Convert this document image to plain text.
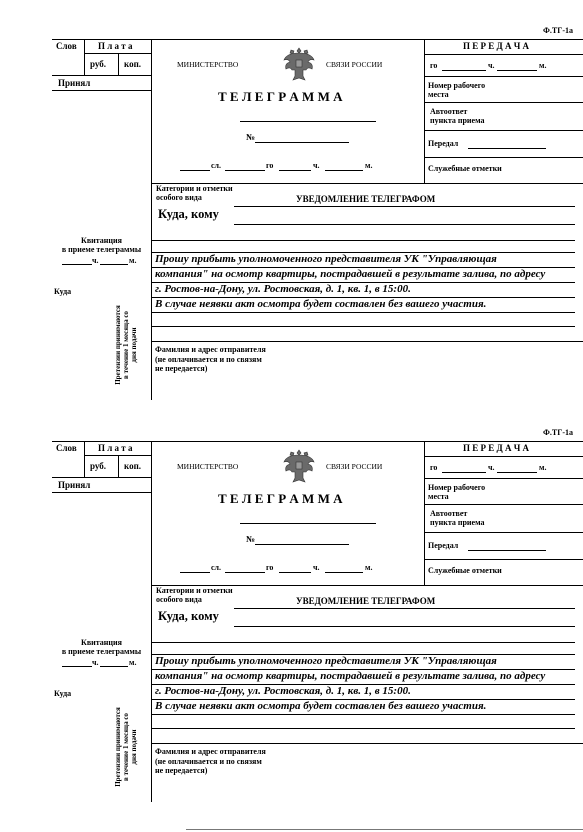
Ф.ТГ-1а
Слов П л а т а
руб. коп.
Принял
Квитанция
в приеме телеграммы
ч.	м.
Куда
Претензии принимаются в течение 1 месяца со дня подачи
МИНИСТЕРСТВО	СВЯЗИ РОССИИ
Т Е Л Е Г Р А М М А
№
сл.	го	ч.	м.
П Е Р Е Д А Ч А
го	ч.	м.
Номер рабочего
места
Автоответ
пункта приема
Передал
Служебные отметки
Категории и отметки
особого вида	УВЕДОМЛЕНИЕ ТЕЛЕГРАФОМ
Куда, кому
Прошу прибыть уполномоченного представителя УК "Управляющая
компания" на осмотр квартиры, пострадавшей в результате залива, по адресу
г. Ростов-на-Дону, ул. Ростовская, д. 1, кв. 1, в 15:00.
В случае неявки акт осмотра будет составлен без вашего участия.
Фамилия и адрес отправителя
(не оплачивается и по связям
не передается)
Ф.ТГ-1а
Слов П л а т а
руб. коп.
Принял
Квитанция
в приеме телеграммы
ч.	м.
Куда
Претензии принимаются в течение 1 месяца со дня подачи
МИНИСТЕРСТВО	СВЯЗИ РОССИИ
Т Е Л Е Г Р А М М А
№
сл.	го	ч.	м.
П Е Р Е Д А Ч А
го	ч.	м.
Номер рабочего
места
Автоответ
пункта приема
Передал
Служебные отметки
Категории и отметки
особого вида	УВЕДОМЛЕНИЕ ТЕЛЕГРАФОМ
Куда, кому
Прошу прибыть уполномоченного представителя УК "Управляющая
компания" на осмотр квартиры, пострадавшей в результате залива, по адресу
г. Ростов-на-Дону, ул. Ростовская, д. 1, кв. 1, в 15:00.
В случае неявки акт осмотра будет составлен без вашего участия.
Фамилия и адрес отправителя
(не оплачивается и по связям
не передается)
